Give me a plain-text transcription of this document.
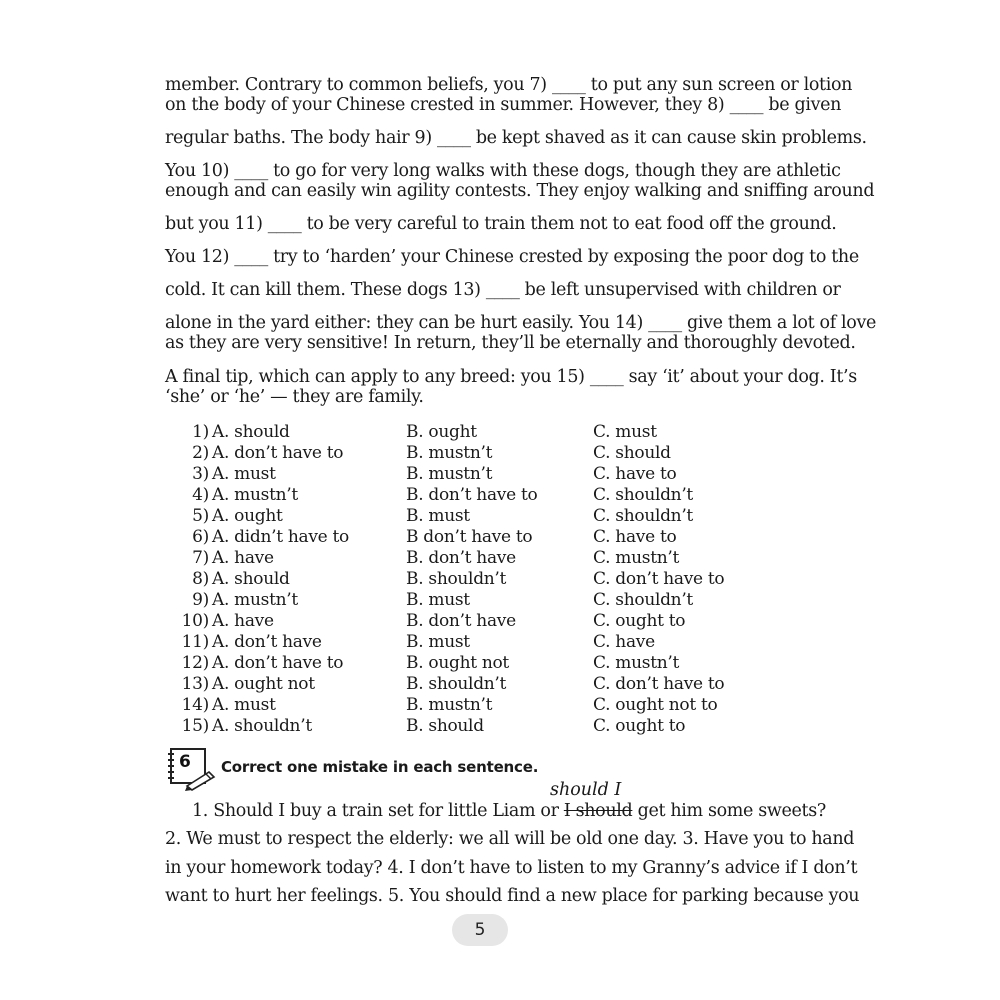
member. Contrary to common beliefs, you 7) ____ to put any sun screen or lotion
on the body of your Chinese crested in summer. However, they 8) ____ be given
regular baths. The body hair 9) ____ be kept shaved as it can cause skin problems.
You 10) ____ to go for very long walks with these dogs, though they are athletic
enough and can easily win agility contests. They enjoy walking and sniffing around
but you 11) ____ to be very careful to train them not to eat food off the ground.
You 12) ____ try to ‘harden’ your Chinese crested by exposing the poor dog to the
cold. It can kill them. These dogs 13) ____ be left unsupervised with children or
alone in the yard either: they can be hurt easily. You 14) ____ give them a lot of love
as they are very sensitive! In return, they’ll be eternally and thoroughly devoted.
A final tip, which can apply to any breed: you 15) ____ say ‘it’ about your dog. It’s
‘she’ or ‘he’ — they are family.
1) A. should	B. ought	C. must
2) A. don’t have to	B. mustn’t	C. should
3) A. must	B. mustn’t	C. have to
4) A. mustn’t	B. don’t have to	C. shouldn’t
5) A. ought	B. must	C. shouldn’t
6) A. didn’t have to	B don’t have to	C. have to
7) A. have	B. don’t have	C. mustn’t
8) A. should	B. shouldn’t	C. don’t have to
9) A. mustn’t	B. must	C. shouldn’t
10) A. have	B. don’t have	C. ought to
11) A. don’t have	B. must	C. have
12) A. don’t have to	B. ought not	C. mustn’t
13) A. ought not	B. shouldn’t	C. don’t have to
14) A. must	B. mustn’t	C. ought not to
15) A. shouldn’t	B. should	C. ought to
6 Correct one mistake in each sentence.
should I
1. Should I buy a train set for little Liam or I should get him some sweets?
2. We must to respect the elderly: we all will be old one day. 3. Have you to hand
in your homework today? 4. I don’t have to listen to my Granny’s advice if I don’t
want to hurt her feelings. 5. You should find a new place for parking because you
5
